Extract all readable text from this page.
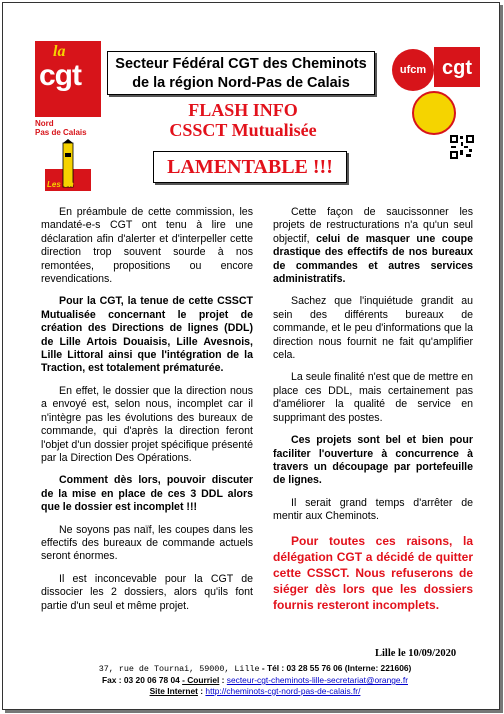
la
cgt
Nord
Pas de Calais
Les Ch
Secteur Fédéral CGT des Cheminots
de la région Nord-Pas de Calais
ufcm cgt
FLASH INFO
CSSCT Mutualisée
LAMENTABLE !!!

En préambule de cette commission, les mandaté-e-s CGT ont tenu à lire une déclaration afin d'alerter et d'interpeller cette direction trop souvent sourde à nos remontées, propositions ou encore revendications.

Pour la CGT, la tenue de cette CSSCT Mutualisée concernant le projet de création des Directions de lignes (DDL) de Lille Artois Douaisis, Lille Avesnois, Lille Littoral ainsi que l'intégration de la Traction, est totalement prématurée.

En effet, le dossier que la direction nous a envoyé est, selon nous, incomplet car il n'intègre pas les évolutions des bureaux de commande, qui d'après la direction feront l'objet d'un dossier projet spécifique présenté par la Direction Des Opérations.

Comment dès lors, pouvoir discuter de la mise en place de ces 3 DDL alors que le dossier est incomplet !!!

Ne soyons pas naïf, les coupes dans les effectifs des bureaux de commande actuels seront énormes.

Il est inconcevable pour la CGT de dissocier les 2 dossiers, alors qu'ils font partie d'un seul et même projet.

Cette façon de saucissonner les projets de restructurations n'a qu'un seul objectif, celui de masquer une coupe drastique des effectifs de nos bureaux de commandes et autres services administratifs.

Sachez que l'inquiétude grandit au sein des différents bureaux de commande, et le peu d'informations que la direction nous fournit ne fait qu'amplifier cela.

La seule finalité n'est que de mettre en place ces DDL, mais certainement pas d'améliorer la qualité de service en supprimant des postes.

Ces projets sont bel et bien pour faciliter l'ouverture à concurrence à travers un découpage par portefeuille de lignes.

Il serait grand temps d'arrêter de mentir aux Cheminots.

Pour toutes ces raisons, la délégation CGT a décidé de quitter cette CSSCT. Nous refuserons de siéger dès lors que les dossiers fournis resteront incomplets.

Lille le 10/09/2020
37, rue de Tournai, 59000, Lille - Tél : 03 28 55 76 06 (Interne: 221606)
Fax : 03 20 06 78 04 - Courriel : secteur-cgt-cheminots-lille-secretariat@orange.fr
Site Internet : http://cheminots-cgt-nord-pas-de-calais.fr/
